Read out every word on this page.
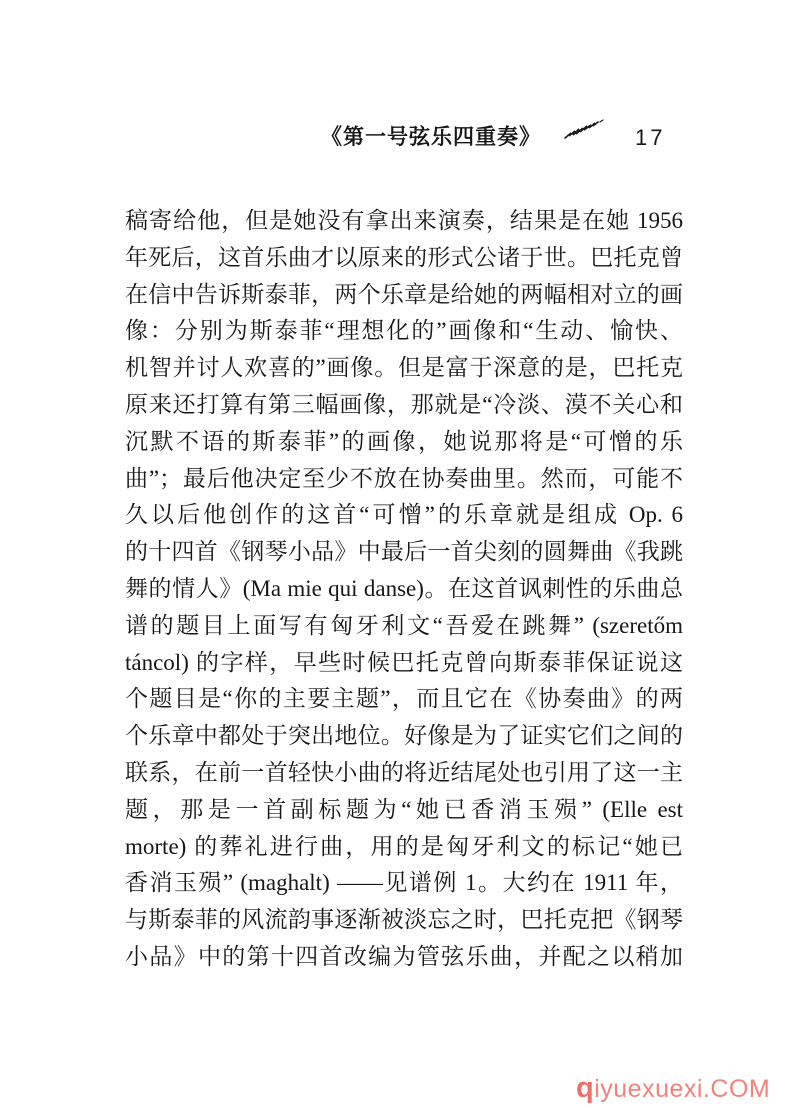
《第一号弦乐四重奏》	17
稿寄给他，但是她没有拿出来演奏，结果是在她 1956
年死后，这首乐曲才以原来的形式公诸于世。巴托克曾
在信中告诉斯泰菲，两个乐章是给她的两幅相对立的画
像：分别为斯泰菲“理想化的”画像和“生动、愉快、
机智并讨人欢喜的”画像。但是富于深意的是，巴托克
原来还打算有第三幅画像，那就是“冷淡、漠不关心和
沉默不语的斯泰菲”的画像，她说那将是“可憎的乐
曲”；最后他决定至少不放在协奏曲里。然而，可能不
久以后他创作的这首“可憎”的乐章就是组成 Op. 6
的十四首《钢琴小品》中最后一首尖刻的圆舞曲《我跳
舞的情人》(Ma mie qui danse)。在这首讽刺性的乐曲总
谱的题目上面写有匈牙利文“吾爱在跳舞” (szeretőm
táncol) 的字样，早些时候巴托克曾向斯泰菲保证说这
个题目是“你的主要主题”，而且它在《协奏曲》的两
个乐章中都处于突出地位。好像是为了证实它们之间的
联系，在前一首轻快小曲的将近结尾处也引用了这一主
题，那是一首副标题为“她已香消玉殒” (Elle est
morte) 的葬礼进行曲，用的是匈牙利文的标记“她已
香消玉殒” (maghalt) ——见谱例 1。大约在 1911 年，
与斯泰菲的风流韵事逐渐被淡忘之时，巴托克把《钢琴
小品》中的第十四首改编为管弦乐曲，并配之以稍加
qiyuexuexi.COM
